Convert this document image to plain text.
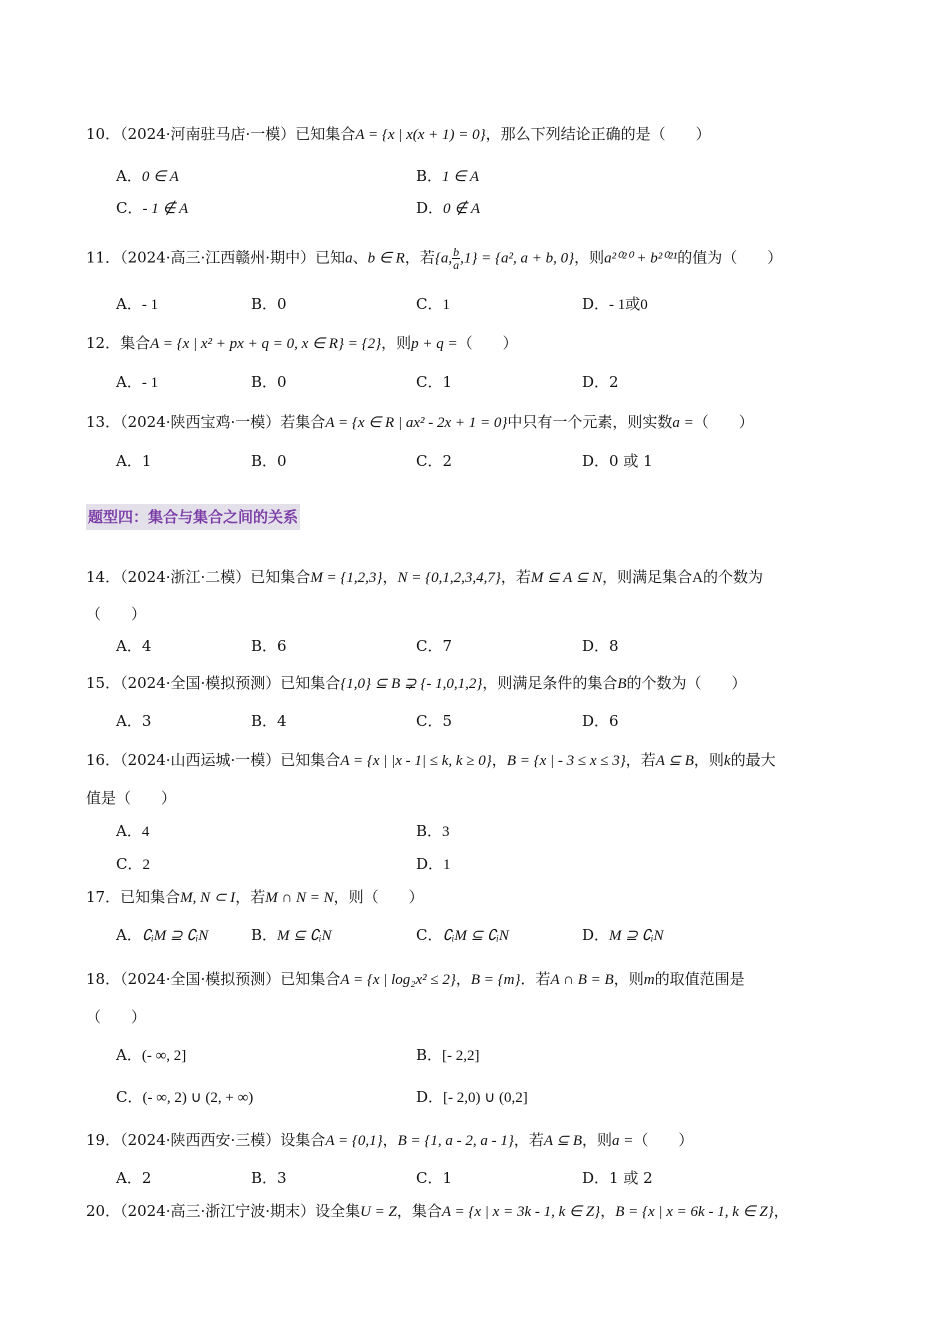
10．（2024·河南驻马店·一模）已知集合A = {x | x(x + 1) = 0}，那么下列结论正确的是（　　）
A．0 ∈ A	B．1 ∈ A
C．- 1 ∉ A	D．0 ∉ A
11．（2024·高三·江西赣州·期中）已知a、b ∈ R，若{a, $\frac{b}{a} ,1\} = \{a^2$, a + b, 0}，则a²⁰²⁰ + b²⁰²¹的值为（　　）
A．- 1	B．0	C．1	D．- 1或0
12．集合A = {x | x² + px + q = 0, x ∈ R} = {2}，则p + q =（　　）
A．- 1	B．0	C．1	D．2
13．（2024·陕西宝鸡·一模）若集合A = {x ∈ R | ax² - 2x + 1 = 0}中只有一个元素，则实数a =（　　）
A．1	B．0	C．2	D．0 或 1
题型四：集合与集合之间的关系
14．（2024·浙江·二模）已知集合M = {1,2,3}，N = {0,1,2,3,4,7}，若M ⊆ A ⊆ N，则满足集合A的个数为
（　　）
A．4	B．6	C．7	D．8
15．（2024·全国·模拟预测）已知集合{1,0} ⊆ B ⊋ {- 1,0,1,2}，则满足条件的集合B的个数为（　　）
A．3	B．4	C．5	D．6
16．（2024·山西运城·一模）已知集合A = {x | |x - 1| ≤ k, k ≥ 0}，B = {x | - 3 ≤ x ≤ 3}，若A ⊆ B，则k的最大
值是（　　）
A．4	B．3
C．2	D．1
17．已知集合M, N ⊂ I，若M ∩ N = N，则（　　）
A．∁ᵢM ⊇ ∁ᵢN	B．M ⊆ ∁ᵢN	C．∁ᵢM ⊆ ∁ᵢN	D．M ⊇ ∁ᵢN
18．（2024·全国·模拟预测）已知集合A = {x | log₂x² ≤ 2}，B = {m}．若A ∩ B = B，则m的取值范围是
（　　）
A．(- ∞, 2]	B．[- 2,2]
C．(- ∞, 2) ∪ (2, + ∞)	D．[- 2,0) ∪ (0,2]
19．（2024·陕西西安·三模）设集合A = {0,1}，B = {1, a - 2, a - 1}，若A ⊆ B，则a =（　　）
A．2	B．3	C．1	D．1 或 2
20．（2024·高三·浙江宁波·期末）设全集U = Z，集合A = {x | x = 3k - 1, k ∈ Z}，B = {x | x = 6k - 1, k ∈ Z}，
